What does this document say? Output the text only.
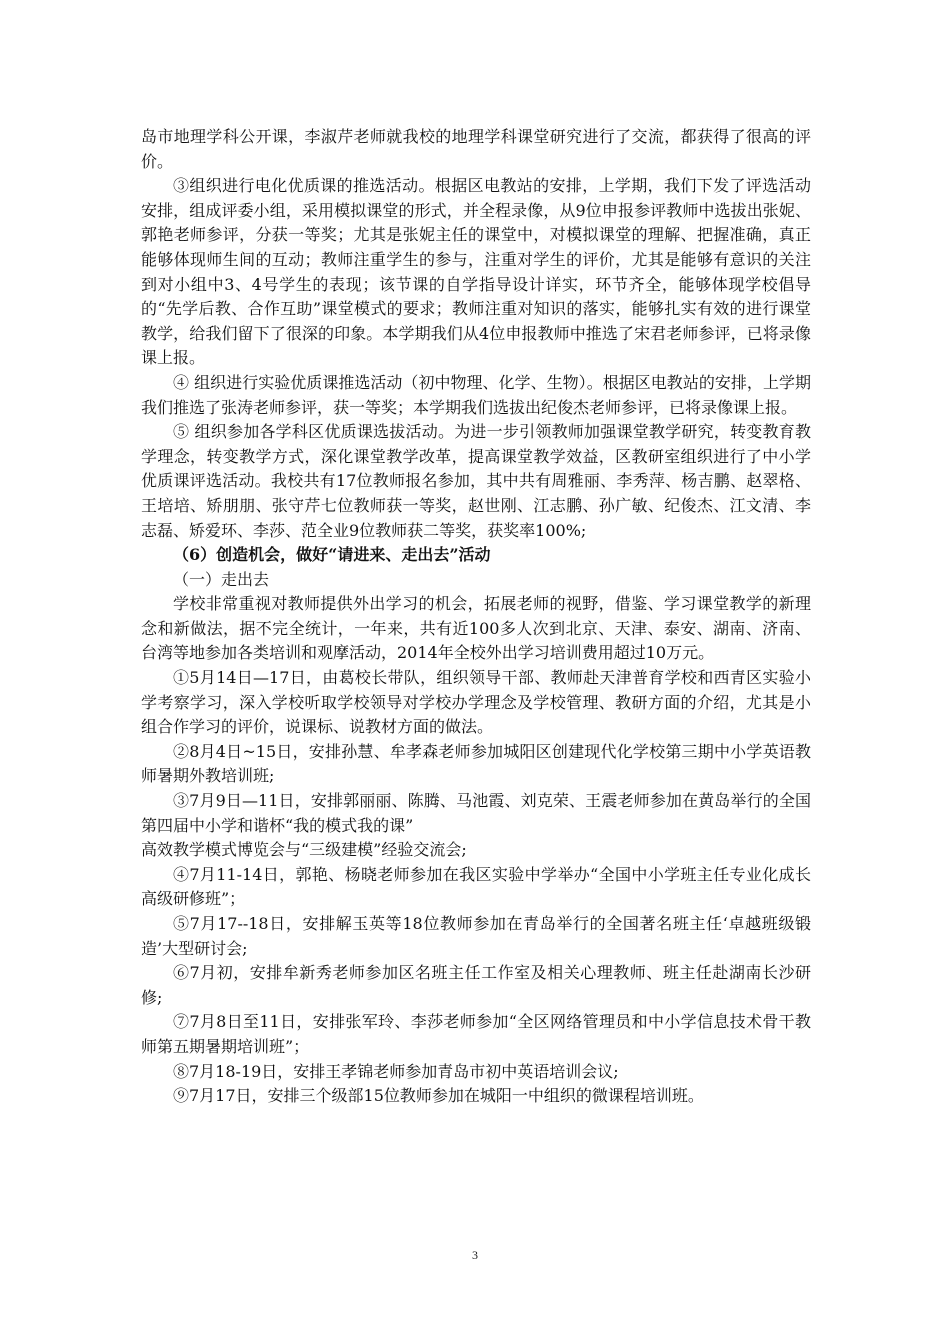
岛市地理学科公开课，李淑芹老师就我校的地理学科课堂研究进行了交流，都获得了很高的评价。

③组织进行电化优质课的推选活动。根据区电教站的安排，上学期，我们下发了评选活动安排，组成评委小组，采用模拟课堂的形式，并全程录像，从9位申报参评教师中选拔出张妮、郭艳老师参评，分获一等奖；尤其是张妮主任的课堂中，对模拟课堂的理解、把握准确，真正能够体现师生间的互动；教师注重学生的参与，注重对学生的评价，尤其是能够有意识的关注到对小组中3、4号学生的表现；该节课的自学指导设计详实，环节齐全，能够体现学校倡导的“先学后教、合作互助”课堂模式的要求；教师注重对知识的落实，能够扎实有效的进行课堂教学，给我们留下了很深的印象。本学期我们从4位申报教师中推选了宋君老师参评，已将录像课上报。

④ 组织进行实验优质课推选活动（初中物理、化学、生物）。根据区电教站的安排，上学期我们推选了张涛老师参评，获一等奖；本学期我们选拔出纪俊杰老师参评，已将录像课上报。

⑤ 组织参加各学科区优质课选拔活动。为进一步引领教师加强课堂教学研究，转变教育教学理念，转变教学方式，深化课堂教学改革，提高课堂教学效益，区教研室组织进行了中小学优质课评选活动。我校共有17位教师报名参加，其中共有周雅丽、李秀萍、杨吉鹏、赵翠格、王培培、矫朋朋、张守芹七位教师获一等奖，赵世刚、江志鹏、孙广敏、纪俊杰、江文清、李志磊、矫爱环、李莎、范全业9位教师获二等奖，获奖率100%;

（6）创造机会，做好“请进来、走出去”活动

（一）走出去

学校非常重视对教师提供外出学习的机会，拓展老师的视野，借鉴、学习课堂教学的新理念和新做法，据不完全统计，一年来，共有近100多人次到北京、天津、泰安、湖南、济南、台湾等地参加各类培训和观摩活动，2014年全校外出学习培训费用超过10万元。

①5月14日—17日，由葛校长带队，组织领导干部、教师赴天津普育学校和西青区实验小学考察学习，深入学校听取学校领导对学校办学理念及学校管理、教研方面的介绍，尤其是小组合作学习的评价，说课标、说教材方面的做法。

②8月4日~15日，安排孙慧、牟孝森老师参加城阳区创建现代化学校第三期中小学英语教师暑期外教培训班;

③7月9日—11日，安排郭丽丽、陈腾、马池霞、刘克荣、王震老师参加在黄岛举行的全国第四届中小学和谐杯“我的模式我的课”

高效教学模式博览会与“三级建模”经验交流会;

④7月11-14日，郭艳、杨晓老师参加在我区实验中学举办“全国中小学班主任专业化成长高级研修班”；

⑤7月17--18日，安排解玉英等18位教师参加在青岛举行的全国著名班主任‘卓越班级锻造’大型研讨会;

⑥7月初，安排牟新秀老师参加区名班主任工作室及相关心理教师、班主任赴湖南长沙研修;

⑦7月8日至11日，安排张军玲、李莎老师参加“全区网络管理员和中小学信息技术骨干教师第五期暑期培训班”；

⑧7月18-19日，安排王孝锦老师参加青岛市初中英语培训会议;

⑨7月17日，安排三个级部15位教师参加在城阳一中组织的微课程培训班。

3
